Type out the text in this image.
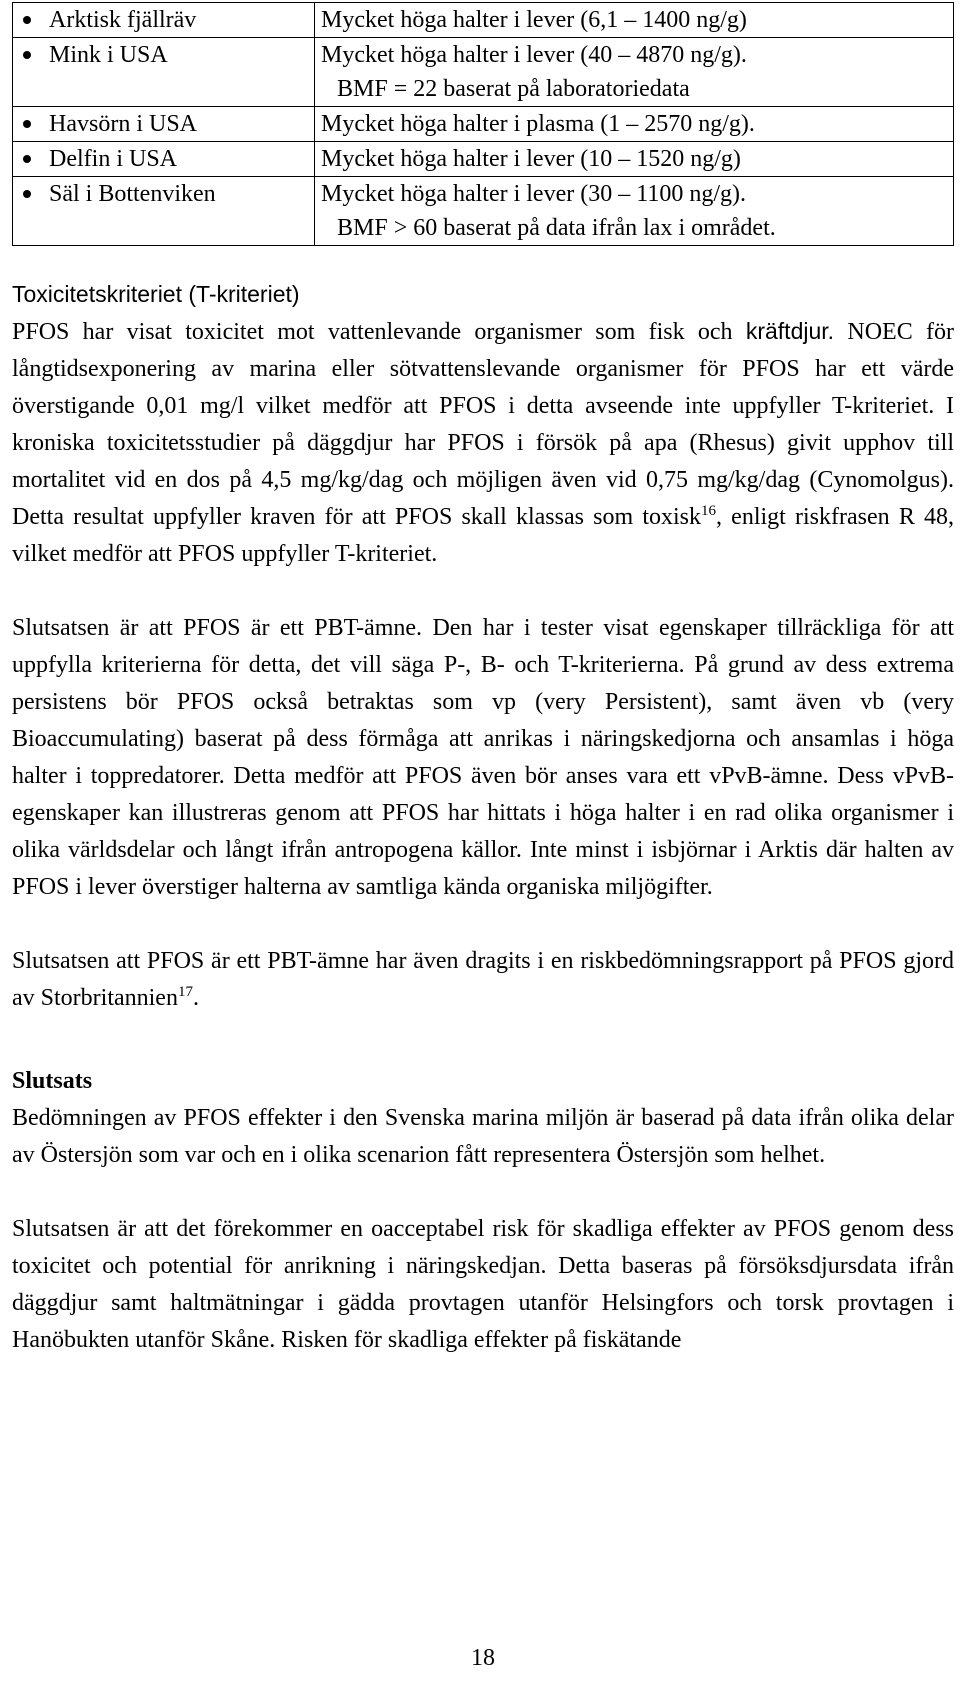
Arktisk fjällräv	Mycket höga halter i lever (6,1 – 1400 ng/g)

Mink i USA	Mycket höga halter i lever (40 – 4870 ng/g).
BMF = 22 baserat på laboratoriedata

Havsörn i USA	Mycket höga halter i plasma (1 – 2570 ng/g).

Delfin i USA	Mycket höga halter i lever (10 – 1520 ng/g)

Säl i Bottenviken	Mycket höga halter i lever (30 – 1100 ng/g).
BMF > 60 baserat på data ifrån lax i området.
Toxicitetskriteriet (T-kriteriet)

PFOS har visat toxicitet mot vattenlevande organismer som fisk och kräftdjur. NOEC för långtidsexponering av marina eller sötvattenslevande organismer för PFOS har ett värde överstigande 0,01 mg/l vilket medför att PFOS i detta avseende inte uppfyller T-kriteriet. I kroniska toxicitetsstudier på däggdjur har PFOS i försök på apa (Rhesus) givit upphov till mortalitet vid en dos på 4,5 mg/kg/dag och möjligen även vid 0,75 mg/kg/dag (Cynomolgus). Detta resultat uppfyller kraven för att PFOS skall klassas som toxisk$^{16}$, enligt riskfrasen R 48, vilket medför att PFOS uppfyller T-kriteriet.

Slutsatsen är att PFOS är ett PBT-ämne. Den har i tester visat egenskaper tillräckliga för att uppfylla kriterierna för detta, det vill säga P-, B- och T-kriterierna. På grund av dess extrema persistens bör PFOS också betraktas som vp (very Persistent), samt även vb (very Bioaccumulating) baserat på dess förmåga att anrikas i näringskedjorna och ansamlas i höga halter i toppredatorer. Detta medför att PFOS även bör anses vara ett vPvB-ämne. Dess vPvB-egenskaper kan illustreras genom att PFOS har hittats i höga halter i en rad olika organismer i olika världsdelar och långt ifrån antropogena källor. Inte minst i isbjörnar i Arktis där halten av PFOS i lever överstiger halterna av samtliga kända organiska miljögifter.

Slutsatsen att PFOS är ett PBT-ämne har även dragits i en riskbedömningsrapport på PFOS gjord av Storbritannien$^{17}$.

Slutsats

Bedömningen av PFOS effekter i den Svenska marina miljön är baserad på data ifrån olika delar av Östersjön som var och en i olika scenarion fått representera Östersjön som helhet.

Slutsatsen är att det förekommer en oacceptabel risk för skadliga effekter av PFOS genom dess toxicitet och potential för anrikning i näringskedjan. Detta baseras på försöksdjursdata ifrån däggdjur samt haltmätningar i gädda provtagen utanför Helsingfors och torsk provtagen i Hanöbukten utanför Skåne. Risken för skadliga effekter på fiskätande

18
